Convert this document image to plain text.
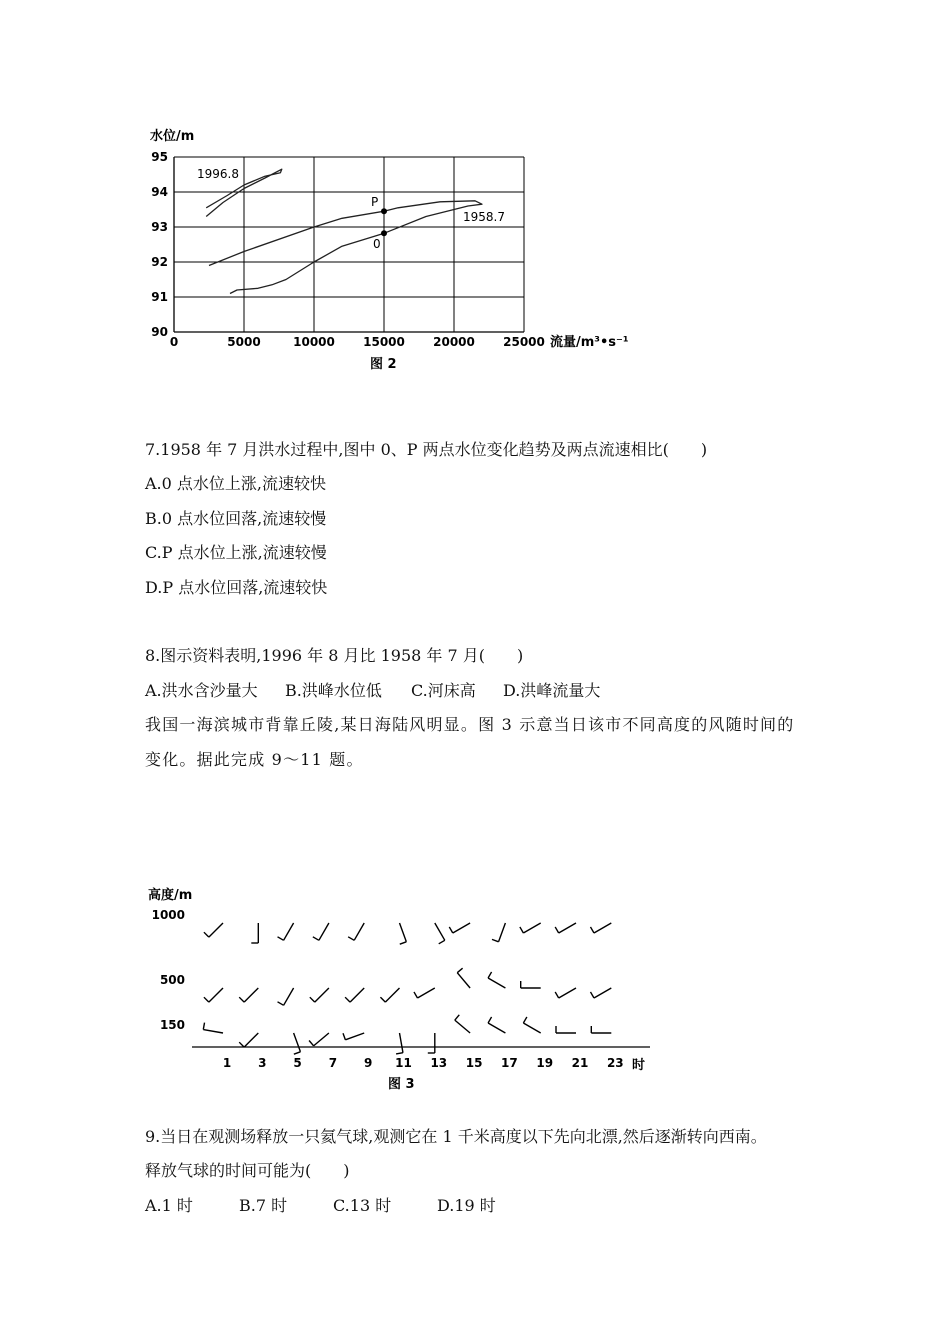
水位/m
流量/m³•s⁻¹
图 2
0	5000	10000 15000 20000 25000
90
91
92
93
94
95
1996.8
1958.7
P
0
7.1958 年 7 月洪水过程中,图中 0、P 两点水位变化趋势及两点流速相比(　　)
A.0 点水位上涨,流速较快
B.0 点水位回落,流速较慢
C.P 点水位上涨,流速较慢
D.P 点水位回落,流速较快
8.图示资料表明,1996 年 8 月比 1958 年 7 月(　　)
A.洪水含沙量大 B.洪峰水位低 C.河床高 D.洪峰流量大
我国一海滨城市背靠丘陵,某日海陆风明显。图 3 示意当日该市不同高度的风随时间的
变化。据此完成 9～11 题。
高度/m
时
图 3
1 3 5 7 9 11 13 15 17 19 21 23
1000
500
150
9.当日在观测场释放一只氦气球,观测它在 1 千米高度以下先向北漂,然后逐渐转向西南。
释放气球的时间可能为(　　)
A.1 时	B.7 时	C.13 时	D.19 时
